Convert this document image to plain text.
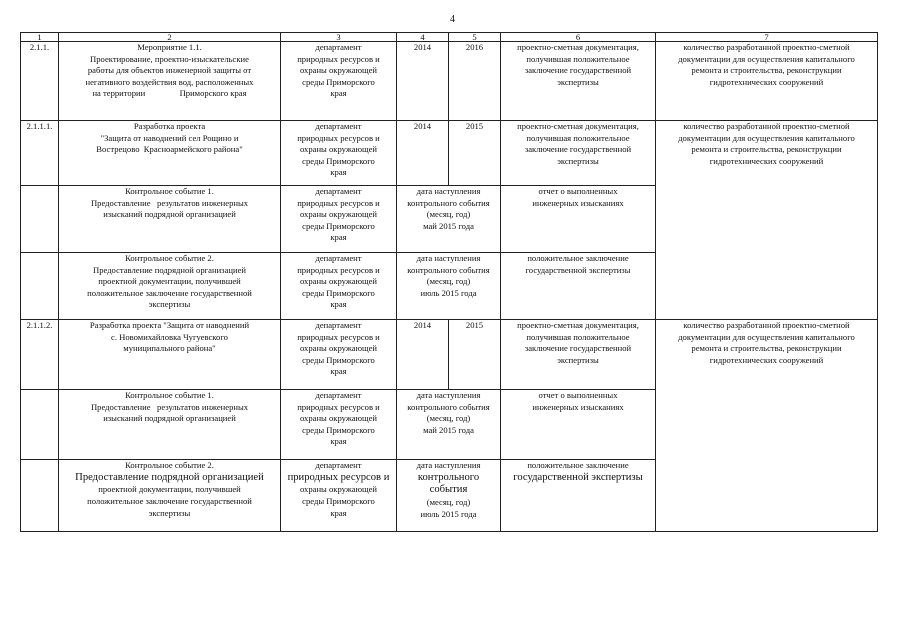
4
1	2	3	4	5	6	7
2.1.1.	Мероприятие 1.1.
Проектирование, проектно-изыскательские
работы для объектов инженерной защиты от
негативного воздействия вод, расположенных
на территории                Приморского края	департамент
природных ресурсов и
охраны окружающей
среды Приморского
края	2014	2016	проектно-сметная документация,
получившая положительное
заключение государственной
экспертизы	количество разработанной проектно-сметной
документации для осуществления капитального
ремонта и строительства, реконструкции
гидротехнических сооружений

2.1.1.1.	Разработка проекта
"Защита от наводнений сел Рощино и
Вострецово  Красноармейского района"	департамент
природных ресурсов и
охраны окружающей
среды Приморского
края	2014	2015	проектно-сметная документация,
получившая положительное
заключение государственной
экспертизы	количество разработанной проектно-сметной
документации для осуществления капитального
ремонта и строительства, реконструкции
гидротехнических сооружений

	Контрольное событие 1.
Предоставление   результатов инженерных
изысканий подрядной организацией	департамент
природных ресурсов и
охраны окружающей
среды Приморского
края	дата наступления
контрольного события
(месяц, год)
май 2015 года		отчет о выполненных
инженерных изысканиях	

	Контрольное событие 2.
Предоставление подрядной организацией
проектной документации, получившей
положительное заключение государственной
экспертизы	департамент
природных ресурсов и
охраны окружающей
среды Приморского
края	дата наступления
контрольного события
(месяц, год)
июль 2015 года		положительное заключение
государственной экспертизы	

2.1.1.2.	Разработка проекта "Защита от наводнений
с. Новомихайловка Чугуевского
муниципального района"	департамент
природных ресурсов и
охраны окружающей
среды Приморского
края	2014	2015	проектно-сметная документация,
получившая положительное
заключение государственной
экспертизы	количество разработанной проектно-сметной
документации для осуществления капитального
ремонта и строительства, реконструкции
гидротехнических сооружений

	Контрольное событие 1.
Предоставление   результатов инженерных
изысканий подрядной организацией	департамент
природных ресурсов и
охраны окружающей
среды Приморского
края	дата наступления
контрольного события
(месяц, год)
май 2015 года		отчет о выполненных
инженерных изысканиях	

	Контрольное событие 2.
Предоставление подрядной организацией
проектной документации, получившей
положительное заключение государственной
экспертизы	департамент
природных ресурсов и
охраны окружающей
среды Приморского
края	дата наступления
контрольного события
(месяц, год)
июль 2015 года		положительное заключение
государственной экспертизы	
